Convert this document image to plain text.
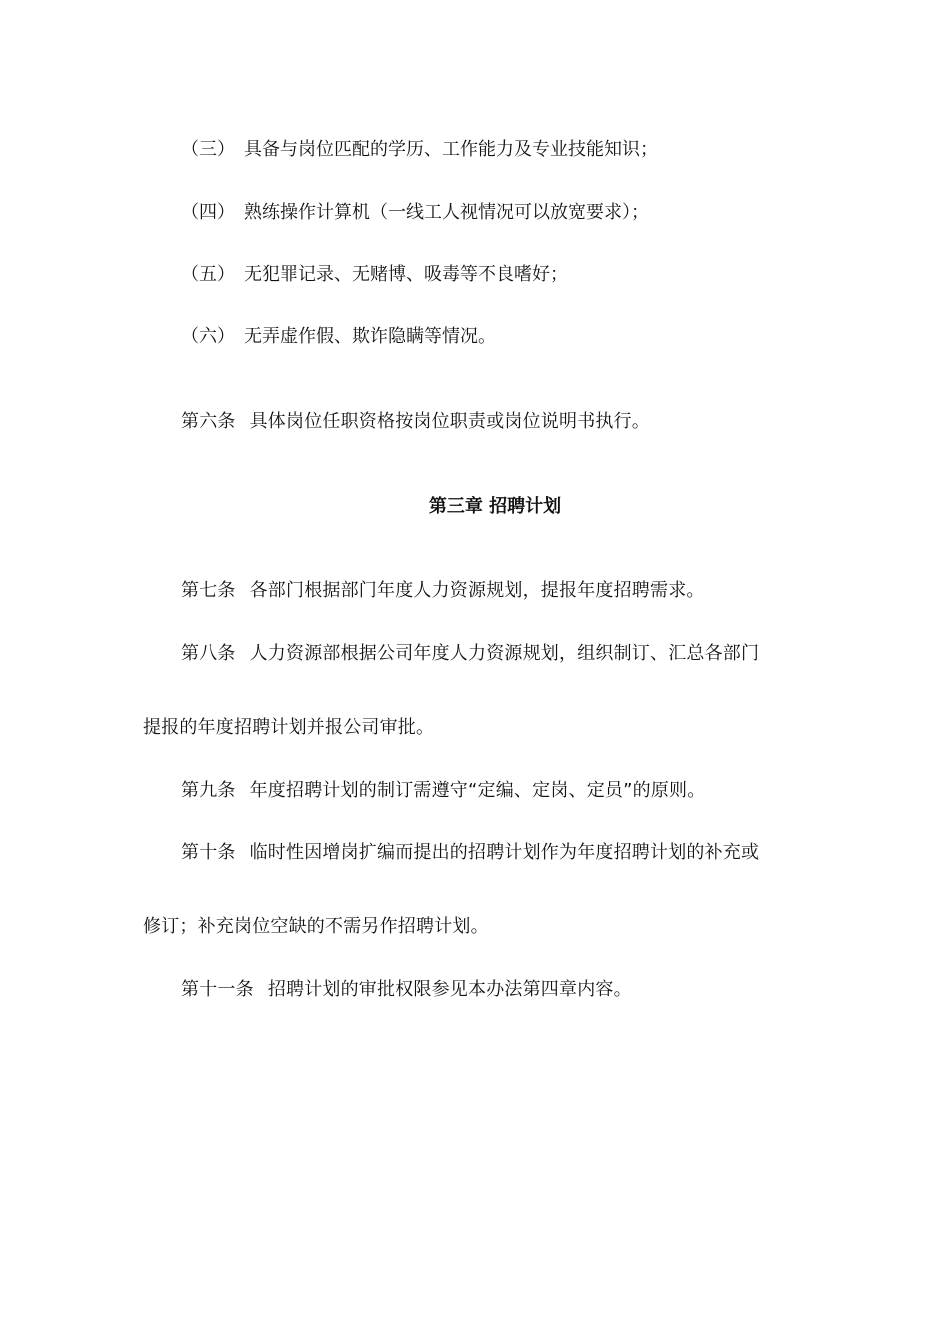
（三） 具备与岗位匹配的学历、工作能力及专业技能知识；
（四） 熟练操作计算机（一线工人视情况可以放宽要求）；
（五） 无犯罪记录、无赌博、吸毒等不良嗜好；
（六） 无弄虚作假、欺诈隐瞒等情况。
第六条 具体岗位任职资格按岗位职责或岗位说明书执行。
第三章 招聘计划
第七条 各部门根据部门年度人力资源规划，提报年度招聘需求。
第八条 人力资源部根据公司年度人力资源规划，组织制订、汇总各部门
提报的年度招聘计划并报公司审批。
第九条 年度招聘计划的制订需遵守“定编、定岗、定员”的原则。
第十条 临时性因增岗扩编而提出的招聘计划作为年度招聘计划的补充或
修订；补充岗位空缺的不需另作招聘计划。
第十一条 招聘计划的审批权限参见本办法第四章内容。
